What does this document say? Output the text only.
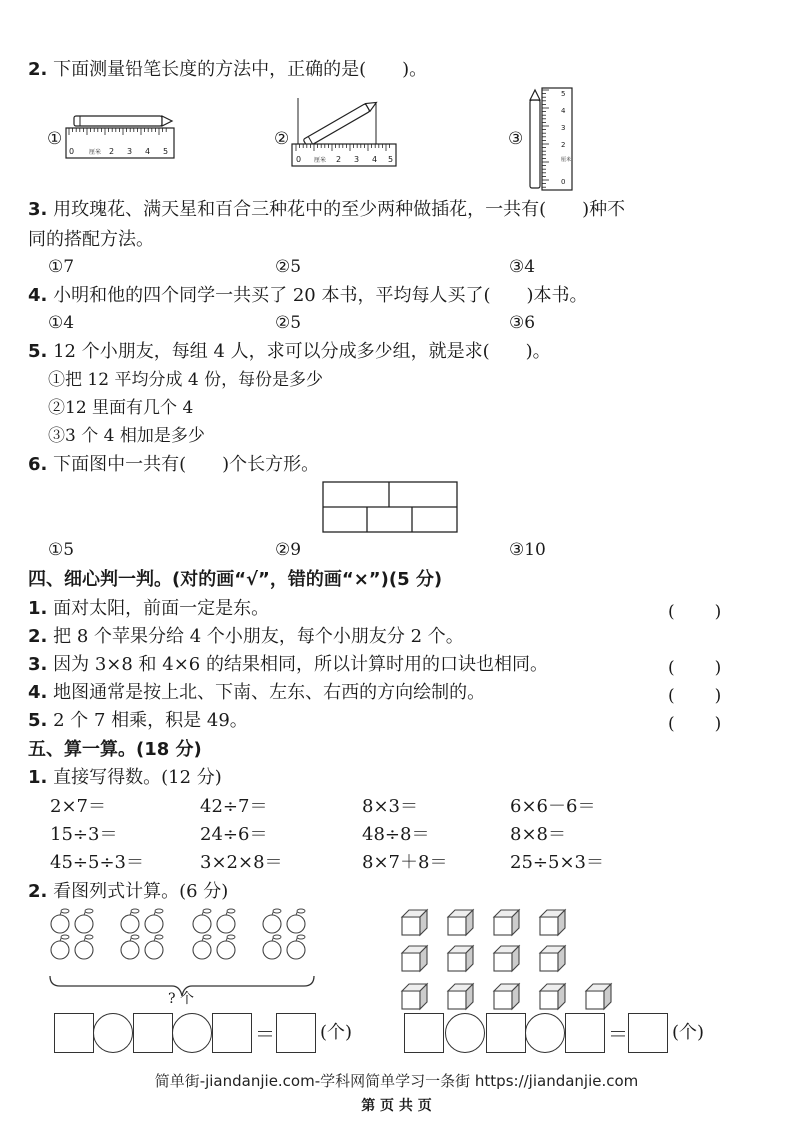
2. 下面测量铅笔长度的方法中，正确的是(　　)。
①
0 厘米 2 3 4 5
②
0 厘米 2 3 4 5
③
5
4
3
2
厘米
0
3. 用玫瑰花、满天星和百合三种花中的至少两种做插花，一共有(　　)种不
同的搭配方法。
①7	②5	③4
4. 小明和他的四个同学一共买了 20 本书，平均每人买了(　　)本书。
①4	②5	③6
5. 12 个小朋友，每组 4 人，求可以分成多少组，就是求(　　)。
①把 12 平均分成 4 份，每份是多少
②12 里面有几个 4
③3 个 4 相加是多少
6. 下面图中一共有(　　)个长方形。
①5	②9	③10
四、细心判一判。(对的画“√”，错的画“×”)(5 分)
1. 面对太阳，前面一定是东。	(　　)
2. 把 8 个苹果分给 4 个小朋友，每个小朋友分 2 个。
3. 因为 3×8 和 4×6 的结果相同，所以计算时用的口诀也相同。	(　　)
4. 地图通常是按上北、下南、左东、右西的方向绘制的。	(　　)
5. 2 个 7 相乘，积是 49。	(　　)
五、算一算。(18 分)
1. 直接写得数。(12 分)
2×7＝	42÷7＝	8×3＝	6×6－6＝
15÷3＝	24÷6＝	48÷8＝	8×8＝
45÷5÷3＝	3×2×8＝	8×7＋8＝	25÷5×3＝
2. 看图列式计算。(6 分)
? 个
＝	(个)	＝ (个)
简单街-jiandanjie.com-学科网简单学习一条街 https://jiandanjie.com
第 页 共 页
